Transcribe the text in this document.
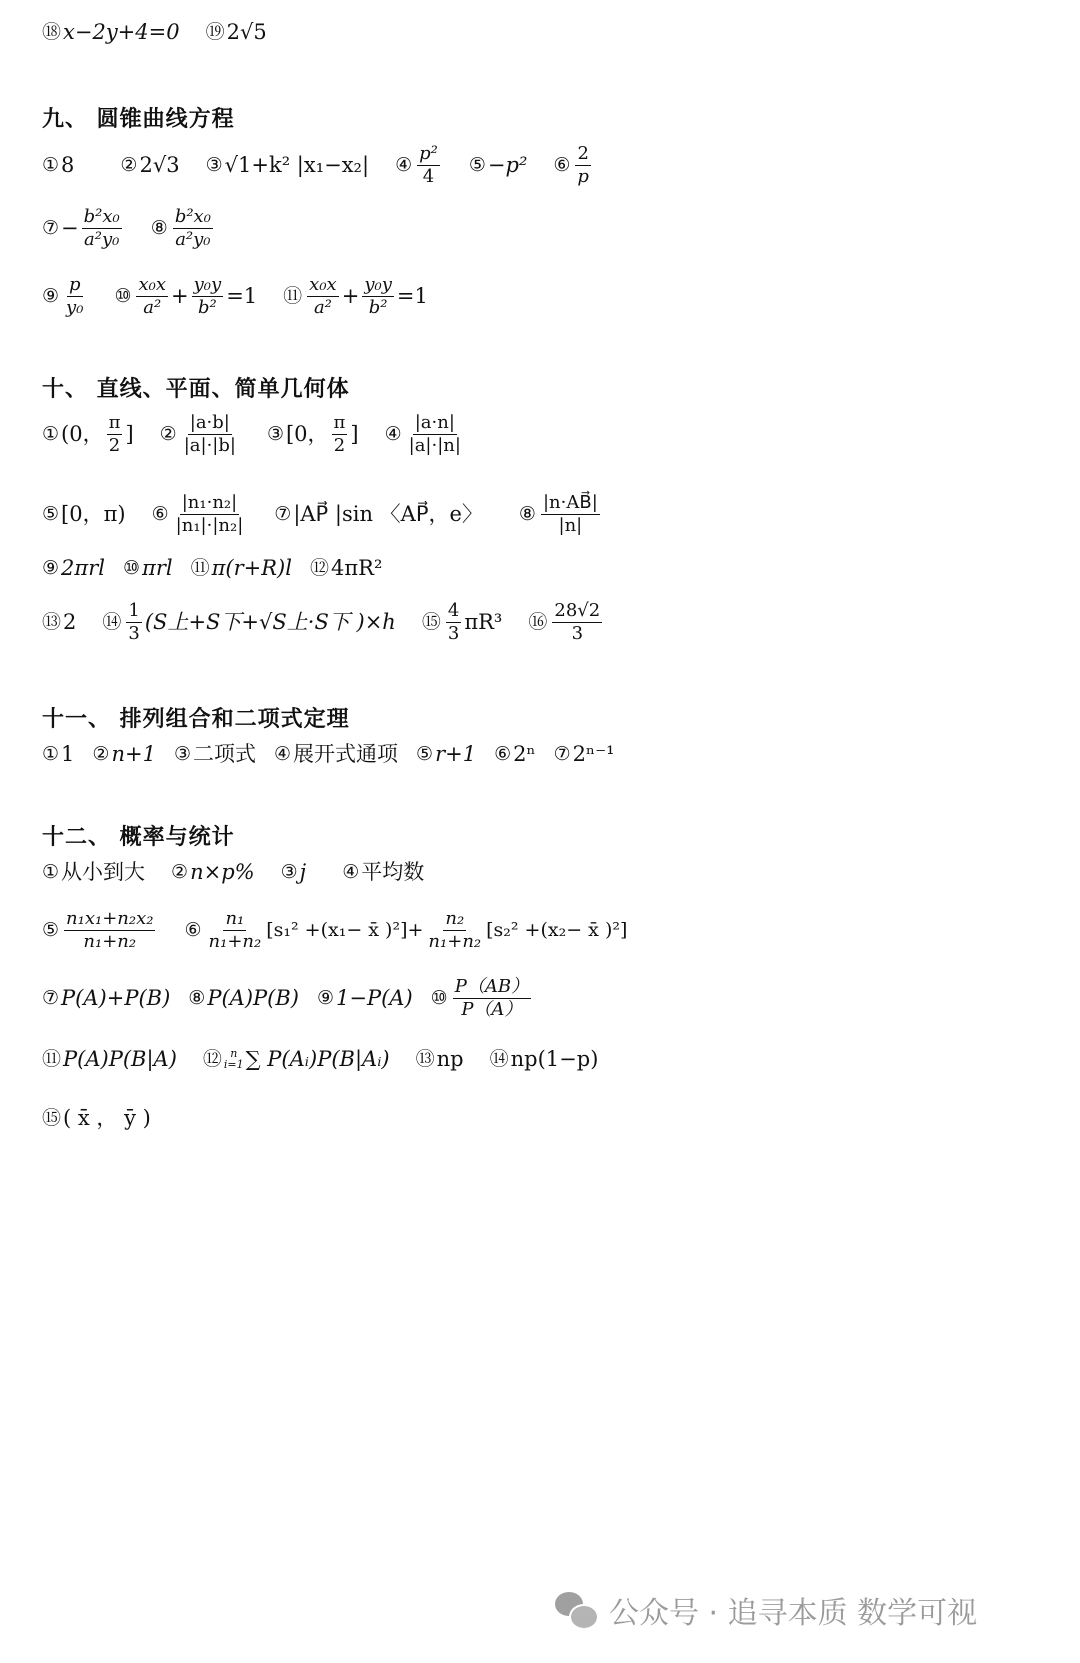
⑱ x−2y+4=0 ⑲ 2√5
九、 圆锥曲线方程
① 8 ② 2√3 ③ √1+k² |x₁−x₂| ④ $\frac{\text{p²}}{4}$ ⑤ −p² ⑥ $\frac{2}{p}$
⑦ − $\frac{\text{b²x₀}}{\text{a²y₀}}$ ⑧ $\frac{\text{b²x₀}}{\text{a²y₀}}$
⑨ $\frac{p}{\text{y₀}}$ ⑩ $\frac{\text{x₀x}}{\text{a²}} + \frac{\text{y₀y}}{\text{b²}} =1$ ⑪ $\frac{\text{x₀x}}{\text{a²}} + \frac{\text{y₀y}}{\text{b²}} =1$
十、 直线、平面、简单几何体
① (0， $\frac{\pi}{2}$ ] ② $\frac{|a\cdot b|}{|a|\cdot|b|}$ ③ [0， $\frac{\pi}{2}$ ] ④ $\frac{|a\cdot n|}{|a|\cdot|n|}$
⑤ [0，π) ⑥ $\frac{\text{|n₁·n₂|}}{\text{|n₁|·|n₂|}}$ ⑦ |AP⃗ |sin 〈AP⃗，e〉 ⑧ $\frac{|n\cdot AB⃗|}{|n|}$
⑨ 2πrl ⑩ πrl ⑪ π(r+R)l ⑫ 4πR²
⑬ 2 ⑭ $\frac{1}{3} (S$上+S下+√S上·S下 )×h ⑮ $\frac{4}{3} \pi R^3$ ⑯ $\frac{28√2}{3}$
十一、 排列组合和二项式定理
① 1 ② n+1 ③ 二项式 ④ 展开式通项 ⑤ r+1 ⑥ 2ⁿ ⑦ 2ⁿ⁻¹
十二、 概率与统计
① 从小到大 ② n×p% ③ j ④ 平均数
⑤ $\frac{\text{n₁x₁+n₂x₂}}{\text{n₁+n₂}}$ ⑥ $\frac{\text{n₁}}{\text{n₁+n₂}} [s_1^2 +(x_1-$ x̄ )$^2]+ \frac{\text{n₂}}{\text{n₁+n₂}} [s_2^2 +(x_2-$ x̄ )²]
⑦ P(A)+P(B) ⑧ P(A)P(B) ⑨ 1−P(A) ⑩ $\frac{P(AB)}{P(A)}$
⑪ P(A)P(B|A) ⑫ n
i=1 ∑ P(Aᵢ)P(B|Aᵢ) ⑬ np ⑭ np(1−p)
⑮ ( x̄ ， ȳ )
公众号 · 追寻本质 数学可视
